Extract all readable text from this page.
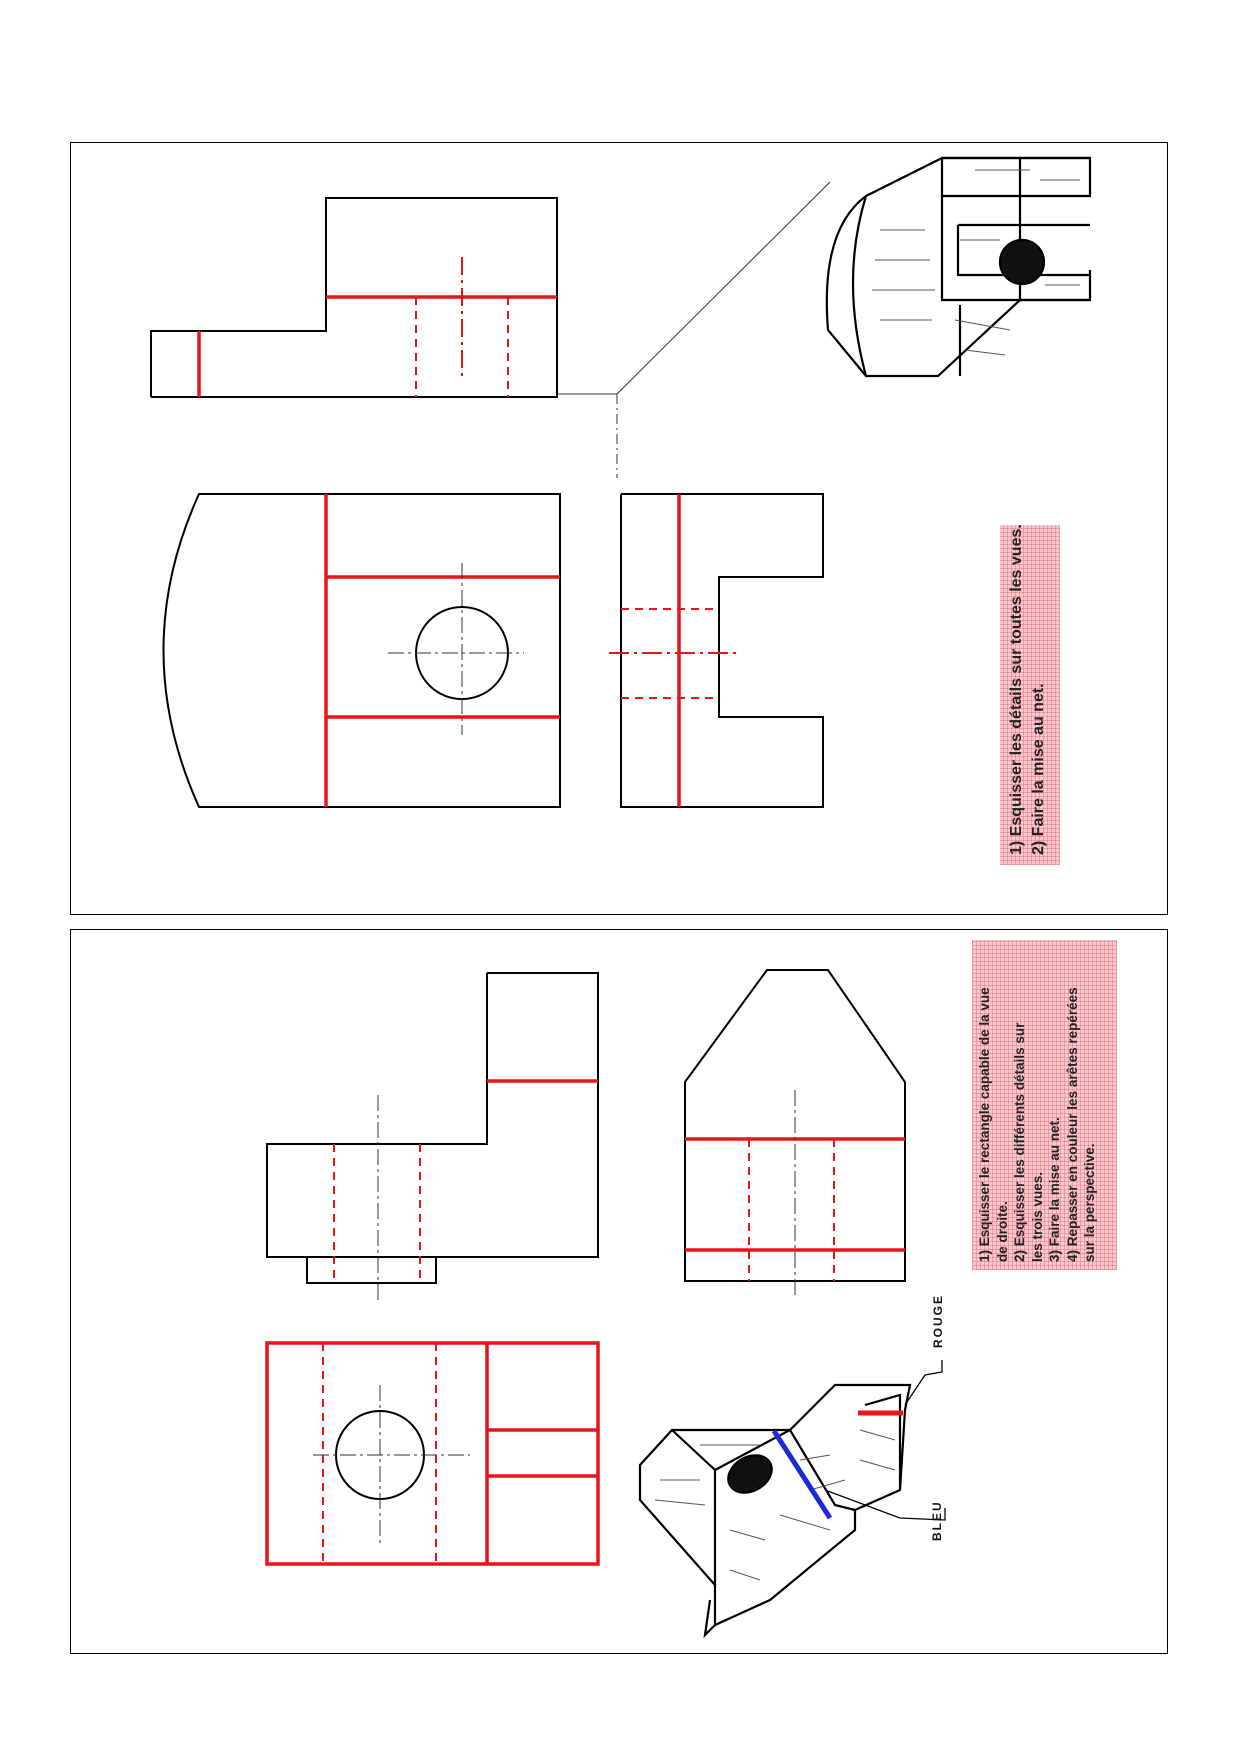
1) Esquisser les détails sur toutes les vues. 2) Faire la mise au net.

1) Esquisser le rectangle capable de la vue de droite. 2) Esquisser les différents détails sur les trois vues. 3) Faire la mise au net. 4) Repasser en couleur les arêtes repérées sur la perspective.

ROUGE
BLEU
